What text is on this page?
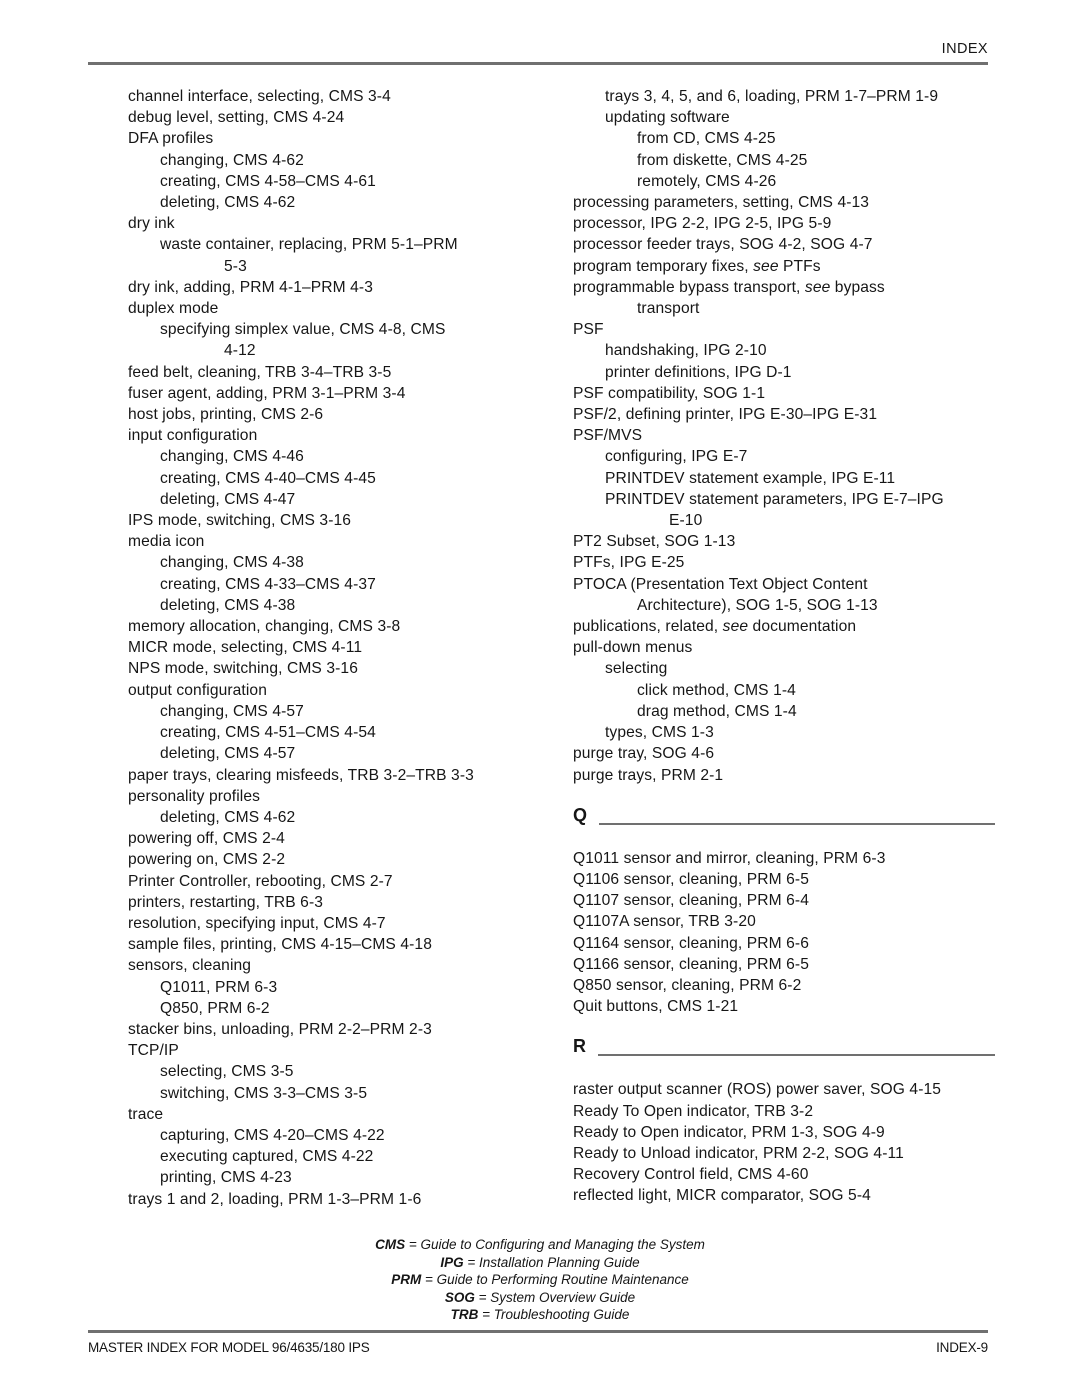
INDEX
channel interface, selecting, CMS 3-4
debug level, setting, CMS 4-24
DFA profiles
changing, CMS 4-62
creating, CMS 4-58–CMS 4-61
deleting, CMS 4-62
dry ink
waste container, replacing, PRM 5-1–PRM
5-3
dry ink, adding, PRM 4-1–PRM 4-3
duplex mode
specifying simplex value, CMS 4-8, CMS
4-12
feed belt, cleaning, TRB 3-4–TRB 3-5
fuser agent, adding, PRM 3-1–PRM 3-4
host jobs, printing, CMS 2-6
input configuration
changing, CMS 4-46
creating, CMS 4-40–CMS 4-45
deleting, CMS 4-47
IPS mode, switching, CMS 3-16
media icon
changing, CMS 4-38
creating, CMS 4-33–CMS 4-37
deleting, CMS 4-38
memory allocation, changing, CMS 3-8
MICR mode, selecting, CMS 4-11
NPS mode, switching, CMS 3-16
output configuration
changing, CMS 4-57
creating, CMS 4-51–CMS 4-54
deleting, CMS 4-57
paper trays, clearing misfeeds, TRB 3-2–TRB 3-3
personality profiles
deleting, CMS 4-62
powering off, CMS 2-4
powering on, CMS 2-2
Printer Controller, rebooting, CMS 2-7
printers, restarting, TRB 6-3
resolution, specifying input, CMS 4-7
sample files, printing, CMS 4-15–CMS 4-18
sensors, cleaning
Q1011, PRM 6-3
Q850, PRM 6-2
stacker bins, unloading, PRM 2-2–PRM 2-3
TCP/IP
selecting, CMS 3-5
switching, CMS 3-3–CMS 3-5
trace
capturing, CMS 4-20–CMS 4-22
executing captured, CMS 4-22
printing, CMS 4-23
trays 1 and 2, loading, PRM 1-3–PRM 1-6
trays 3, 4, 5, and 6, loading, PRM 1-7–PRM 1-9
updating software
from CD, CMS 4-25
from diskette, CMS 4-25
remotely, CMS 4-26
processing parameters, setting, CMS 4-13
processor, IPG 2-2, IPG 2-5, IPG 5-9
processor feeder trays, SOG 4-2, SOG 4-7
program temporary fixes, see PTFs
programmable bypass transport, see bypass
transport
PSF
handshaking, IPG 2-10
printer definitions, IPG D-1
PSF compatibility, SOG 1-1
PSF/2, defining printer, IPG E-30–IPG E-31
PSF/MVS
configuring, IPG E-7
PRINTDEV statement example, IPG E-11
PRINTDEV statement parameters, IPG E-7–IPG
E-10
PT2 Subset, SOG 1-13
PTFs, IPG E-25
PTOCA (Presentation Text Object Content
Architecture), SOG 1-5, SOG 1-13
publications, related, see documentation
pull-down menus
selecting
click method, CMS 1-4
drag method, CMS 1-4
types, CMS 1-3
purge tray, SOG 4-6
purge trays, PRM 2-1
Q
Q1011 sensor and mirror, cleaning, PRM 6-3
Q1106 sensor, cleaning, PRM 6-5
Q1107 sensor, cleaning, PRM 6-4
Q1107A sensor, TRB 3-20
Q1164 sensor, cleaning, PRM 6-6
Q1166 sensor, cleaning, PRM 6-5
Q850 sensor, cleaning, PRM 6-2
Quit buttons, CMS 1-21
R
raster output scanner (ROS) power saver, SOG 4-15
Ready To Open indicator, TRB 3-2
Ready to Open indicator, PRM 1-3, SOG 4-9
Ready to Unload indicator, PRM 2-2, SOG 4-11
Recovery Control field, CMS 4-60
reflected light, MICR comparator, SOG 5-4
CMS = Guide to Configuring and Managing the System
IPG = Installation Planning Guide
PRM = Guide to Performing Routine Maintenance
SOG = System Overview Guide
TRB = Troubleshooting Guide
MASTER INDEX FOR MODEL 96/4635/180 IPS	INDEX-9
